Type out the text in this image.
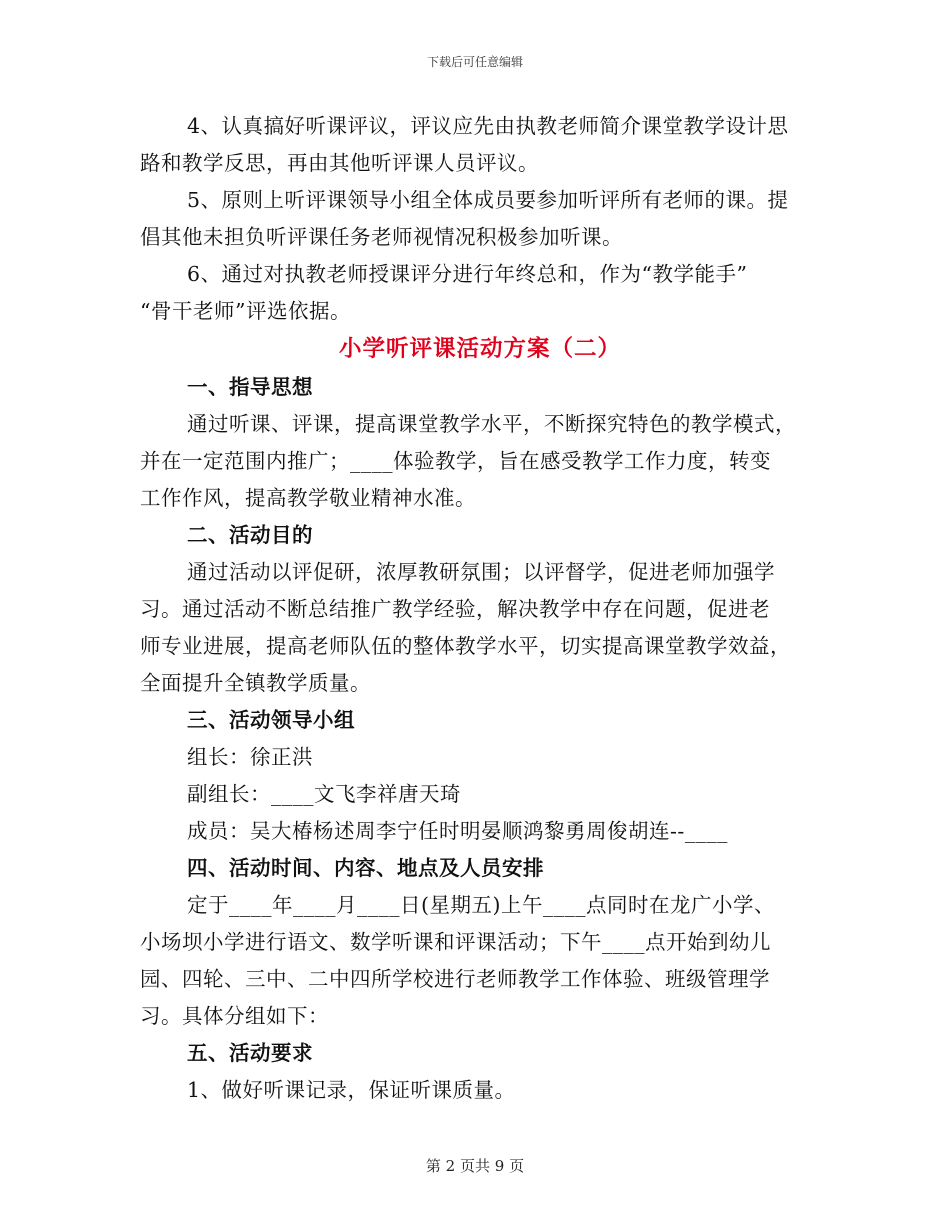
下载后可任意编辑
4、认真搞好听课评议，评议应先由执教老师简介课堂教学设计思
路和教学反思，再由其他听评课人员评议。
5、原则上听评课领导小组全体成员要参加听评所有老师的课。提
倡其他未担负听评课任务老师视情况积极参加听课。
6、通过对执教老师授课评分进行年终总和，作为“教学能手”
“骨干老师”评选依据。
小学听评课活动方案（二）
一、指导思想
通过听课、评课，提高课堂教学水平，不断探究特色的教学模式，
并在一定范围内推广；____体验教学，旨在感受教学工作力度，转变
工作作风，提高教学敬业精神水准。
二、活动目的
通过活动以评促研，浓厚教研氛围；以评督学，促进老师加强学
习。通过活动不断总结推广教学经验，解决教学中存在问题，促进老
师专业进展，提高老师队伍的整体教学水平，切实提高课堂教学效益，
全面提升全镇教学质量。
三、活动领导小组
组长：徐正洪
副组长：____文飞李祥唐天琦
成员：吴大椿杨述周李宁任时明晏顺鸿黎勇周俊胡连--____
四、活动时间、内容、地点及人员安排
定于____年____月____日(星期五)上午____点同时在龙广小学、
小场坝小学进行语文、数学听课和评课活动；下午____点开始到幼儿
园、四轮、三中、二中四所学校进行老师教学工作体验、班级管理学
习。具体分组如下：
五、活动要求
1、做好听课记录，保证听课质量。
第 2 页共 9 页
